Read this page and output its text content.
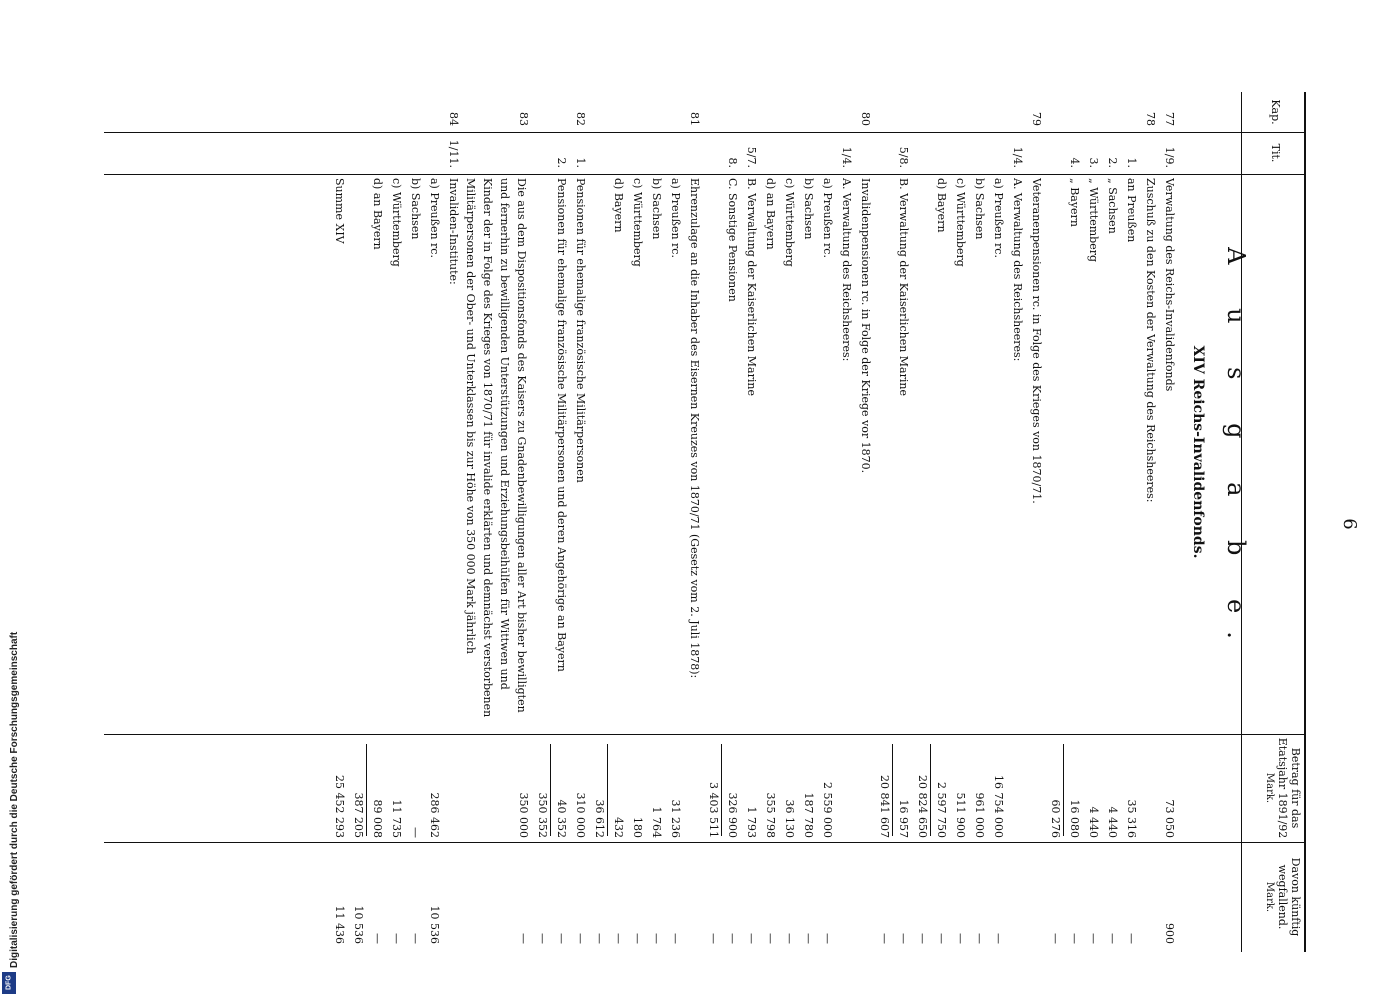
Digitalisierung gefördert durch die Deutsche Forschungsgemeinschaft
DFG
6
Kap.
Tit.
Betrag für das Etatsjahr 1891/92
Mark.
Davon künftig wegfallend.
Mark.
A u s g a b e.
XIV Reichs-Invalidenfonds.
77
1/9.
Verwaltung des Reichs-Invalidenfonds
73 050
900
78
Zuschuß zu den Kosten der Verwaltung des Reichsheeres:
1.
an Preußen
35 316
—
2.
„ Sachsen
4 440
—
3.
„ Württemberg
4 440
—
4.
„ Bayern
16 080
—
60 276
—
79
Veteranenpensionen rc. in Folge des Krieges von 1870/71.
1/4.
A. Verwaltung des Reichsheeres:
a) Preußen rc.
16 754 000
—
b) Sachsen
961 000
—
c) Württemberg
511 900
—
d) Bayern
2 597 750
—
20 824 650
—
5/8.
B. Verwaltung der Kaiserlichen Marine
16 957
—
20 841 607
—
80
Invalidenpensionen rc. in Folge der Kriege vor 1870.
1/4.
A. Verwaltung des Reichsheeres:
a) Preußen rc.
2 559 000
—
b) Sachsen
187 780
—
c) Württemberg
36 130
—
d) an Bayern
355 798
—
5/7.
B. Verwaltung der Kaiserlichen Marine
1 793
—
8.
C. Sonstige Pensionen
326 900
—
3 403 511
—
81
Ehrenzulage an die Inhaber des Eisernen Kreuzes von 1870/71 (Gesetz vom 2. Juli 1878):
a) Preußen rc.
31 236
—
b) Sachsen
1 764
—
c) Württemberg
180
—
d) Bayern
432
—
36 612
—
82
1.
Pensionen für ehemalige französische Militärpersonen
310 000
—
2.
Pensionen für ehemalige französische Militärpersonen und deren Angehörige an Bayern
40 352
—
350 352
—
83
Die aus dem Dispositionsfonds des Kaisers zu Gnadenbewilligungen aller Art bisher bewilligten und fernerhin zu bewilligenden Unterstützungen und Erziehungsbeihülfen für Wittwen und Kinder der in Folge des Krieges von 1870/71 für invalide erklärten und demnächst verstorbenen Militärpersonen der Ober- und Unterklassen bis zur Höhe von 350 000 Mark jährlich
350 000
—
84
1/11.
Invaliden-Institute:
a) Preußen rc.
286 462
10 536
b) Sachsen
—
—
c) Württemberg
11 735
—
d) an Bayern
89 008
—
387 205
10 536
Summe XIV
25 452 293
11 436
